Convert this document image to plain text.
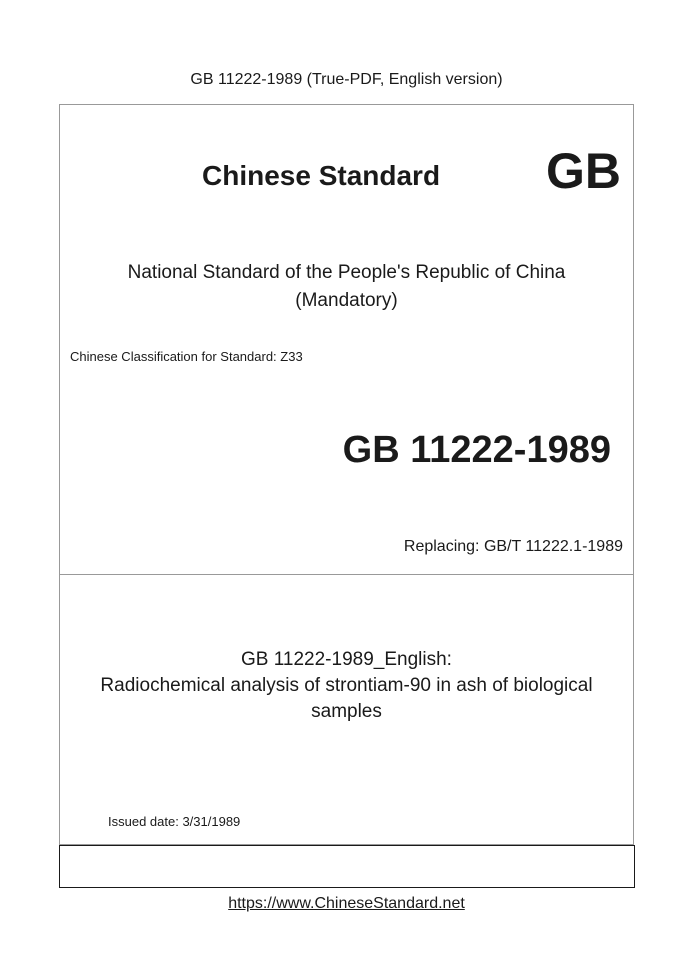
GB 11222-1989 (True-PDF, English version)
Chinese Standard GB
National Standard of the People's Republic of China
(Mandatory)
Chinese Classification for Standard: Z33
GB 11222-1989
Replacing: GB/T 11222.1-1989
GB 11222-1989_English:
Radiochemical analysis of strontiam-90 in ash of biological
samples
Issued date: 3/31/1989
https://www.ChineseStandard.net
